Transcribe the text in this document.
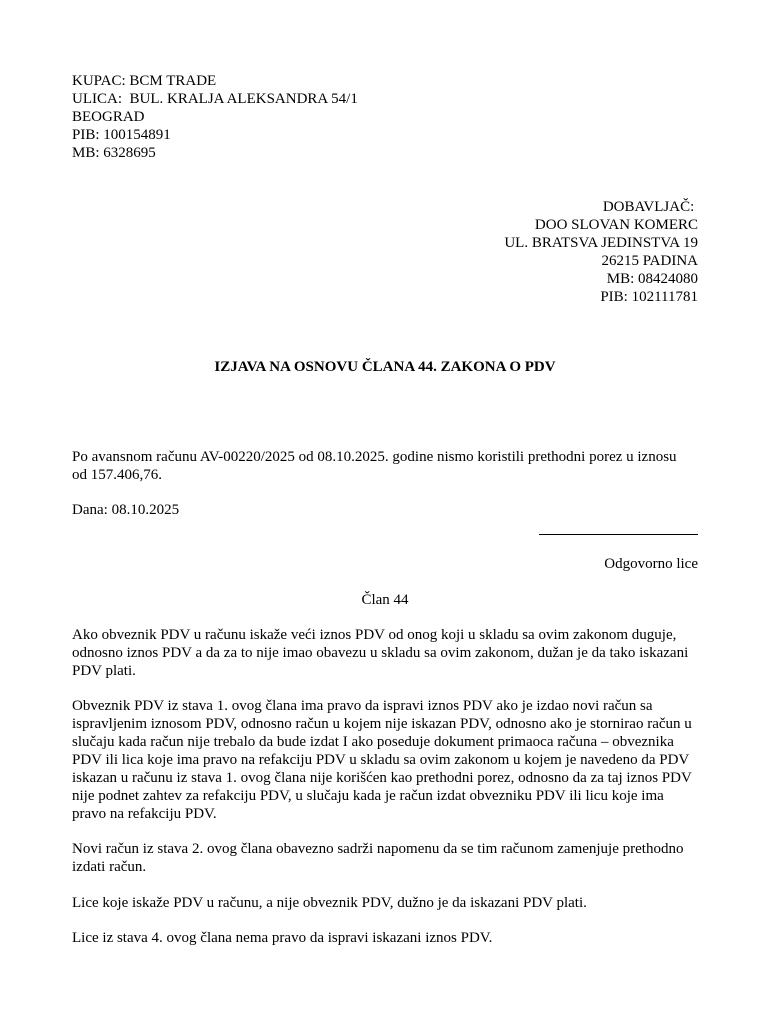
KUPAC: BCM TRADE
ULICA:  BUL. KRALJA ALEKSANDRA 54/1
BEOGRAD
PIB: 100154891
MB: 6328695
DOBAVLJAČ:
DOO SLOVAN KOMERC
UL. BRATSVA JEDINSTVA 19
26215 PADINA
MB: 08424080
PIB: 102111781
IZJAVA NA OSNOVU ČLANA 44. ZAKONA O PDV
Po avansnom računu AV-00220/2025 od 08.10.2025. godine nismo koristili prethodni porez u iznosu
od 157.406,76.
Dana: 08.10.2025
Odgovorno lice
Član 44
Ako obveznik PDV u računu iskaže veći iznos PDV od onog koji u skladu sa ovim zakonom duguje,
odnosno iznos PDV a da za to nije imao obavezu u skladu sa ovim zakonom, dužan je da tako iskazani
PDV plati.
Obveznik PDV iz stava 1. ovog člana ima pravo da ispravi iznos PDV ako je izdao novi račun sa
ispravljenim iznosom PDV, odnosno račun u kojem nije iskazan PDV, odnosno ako je stornirao račun u
slučaju kada račun nije trebalo da bude izdat I ako poseduje dokument primaoca računa – obveznika
PDV ili lica koje ima pravo na refakciju PDV u skladu sa ovim zakonom u kojem je navedeno da PDV
iskazan u računu iz stava 1. ovog člana nije korišćen kao prethodni porez, odnosno da za taj iznos PDV
nije podnet zahtev za refakciju PDV, u slučaju kada je račun izdat obvezniku PDV ili licu koje ima
pravo na refakciju PDV.
Novi račun iz stava 2. ovog člana obavezno sadrži napomenu da se tim računom zamenjuje prethodno
izdati račun.
Lice koje iskaže PDV u računu, a nije obveznik PDV, dužno je da iskazani PDV plati.
Lice iz stava 4. ovog člana nema pravo da ispravi iskazani iznos PDV.
